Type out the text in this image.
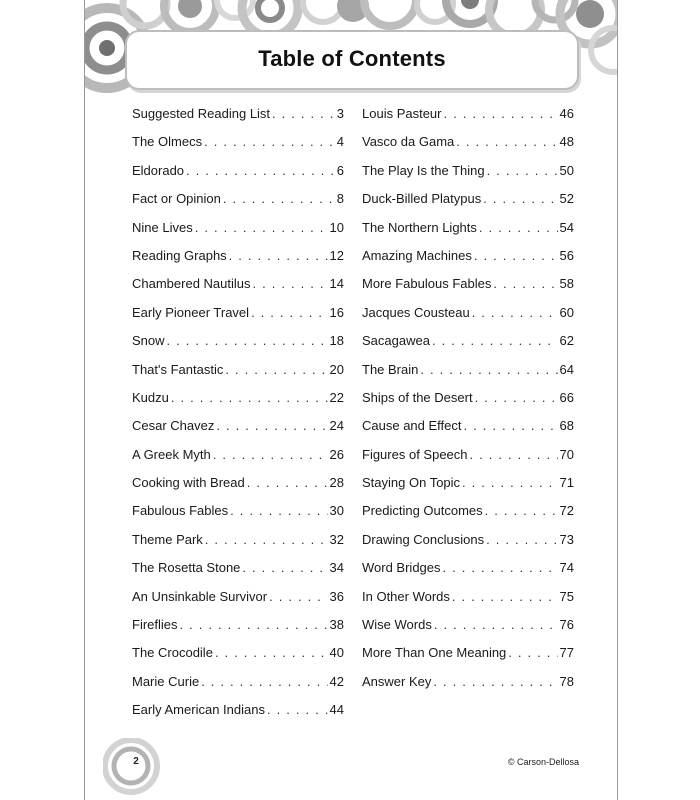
Table of Contents
Suggested Reading List . . .	3
The Olmecs . . .	4
Eldorado . . .	6
Fact or Opinion . . .	8
Nine Lives . . .	10
Reading Graphs . . .	12
Chambered Nautilus . . .	14
Early Pioneer Travel . . .	16
Snow . . .	18
That's Fantastic . . .	20
Kudzu . . .	22
Cesar Chavez . . .	24
A Greek Myth . . .	26
Cooking with Bread . . .	28
Fabulous Fables . . .	30
Theme Park . . .	32
The Rosetta Stone . . .	34
An Unsinkable Survivor . . .	36
Fireflies . . .	38
The Crocodile . . .	40
Marie Curie . . .	42
Early American Indians . . .	44
Louis Pasteur . . .	46
Vasco da Gama . . .	48
The Play Is the Thing . . .	50
Duck-Billed Platypus . . .	52
The Northern Lights . . .	54
Amazing Machines . . .	56
More Fabulous Fables . . .	58
Jacques Cousteau . . .	60
Sacagawea . . .	62
The Brain . . .	64
Ships of the Desert . . .	66
Cause and Effect . . .	68
Figures of Speech . . .	70
Staying On Topic . . .	71
Predicting Outcomes . . .	72
Drawing Conclusions . . .	73
Word Bridges . . .	74
In Other Words . . .	75
Wise Words . . .	76
More Than One Meaning . . .	77
Answer Key . . .	78
2	© Carson-Dellosa
